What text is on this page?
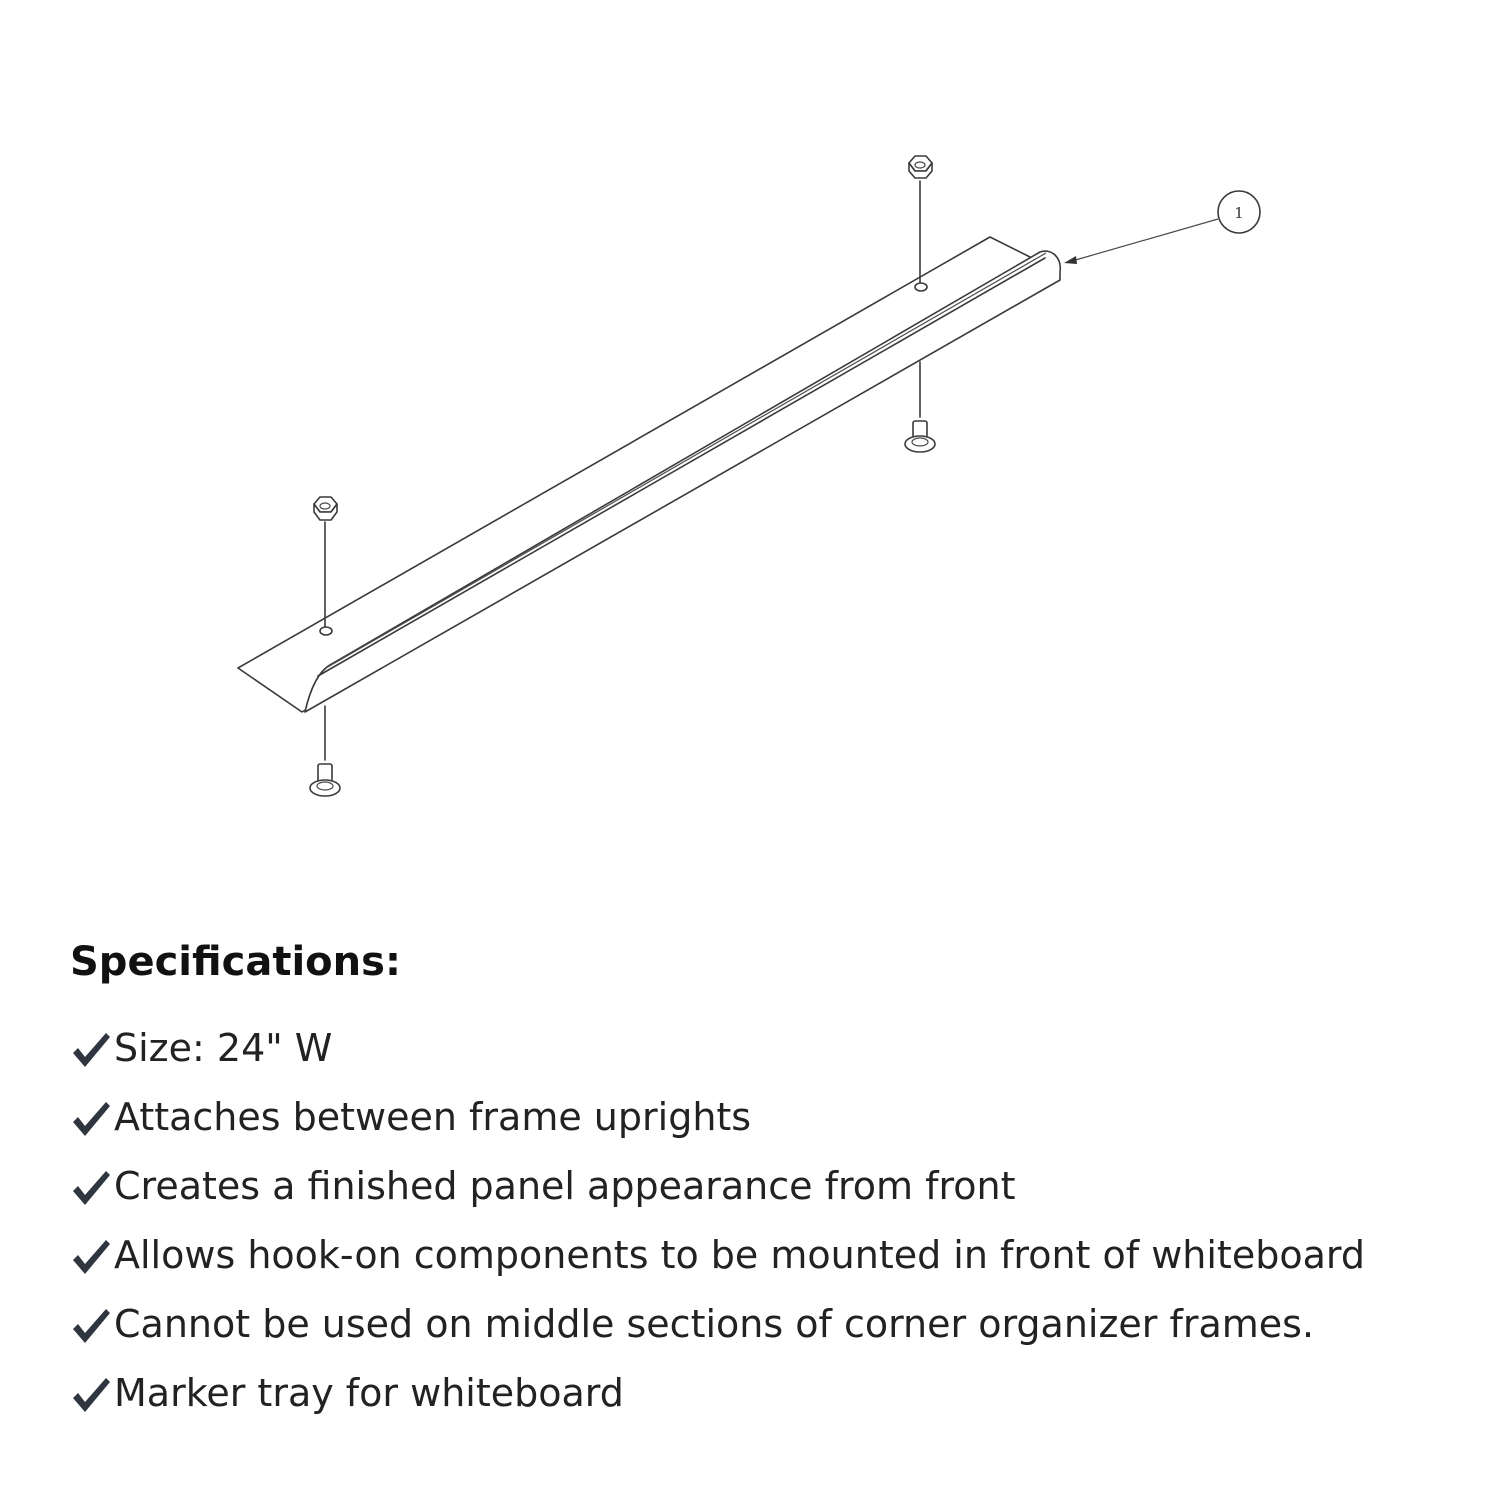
1
Specifications:
Size: 24" W
Attaches between frame uprights
Creates a finished panel appearance from front
Allows hook-on components to be mounted in front of whiteboard
Cannot be used on middle sections of corner organizer frames.
Marker tray for whiteboard
